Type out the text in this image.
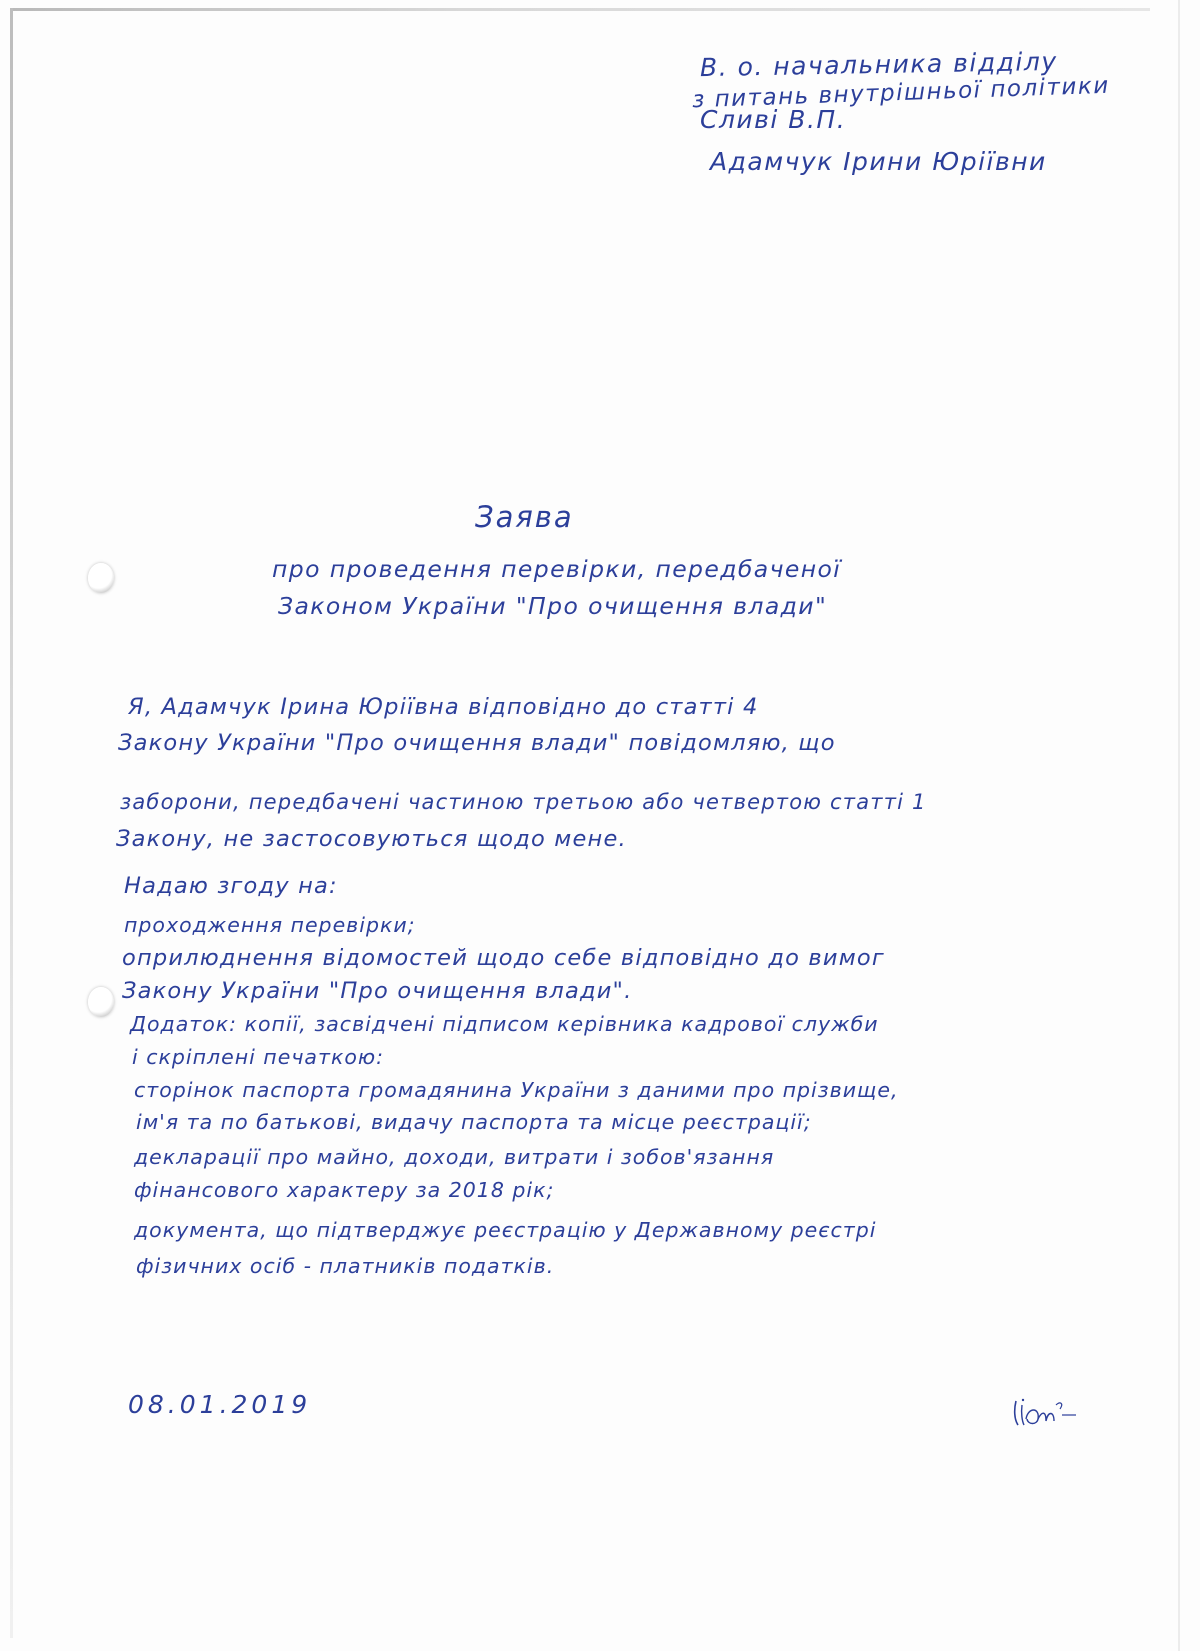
В. о. начальника відділу
з питань внутрішньої політики
Сливі В.П.
Адамчук Ірини Юріївни
Заява
про проведення перевірки, передбаченої
Законом України "Про очищення влади"
Я, Адамчук Ірина Юріївна відповідно до статті 4
Закону України "Про очищення влади" повідомляю, що
заборони, передбачені частиною третьою або четвертою статті 1
Закону, не застосовуються щодо мене.
Надаю згоду на:
проходження перевірки;
оприлюднення відомостей щодо себе відповідно до вимог
Закону України "Про очищення влади".
Додаток: копії, засвідчені підписом керівника кадрової служби
і скріплені печаткою:
сторінок паспорта громадянина України з даними про прізвище,
ім'я та по батькові, видачу паспорта та місце реєстрації;
декларації про майно, доходи, витрати і зобов'язання
фінансового характеру за 2018 рік;
документа, що підтверджує реєстрацію у Державному реєстрі
фізичних осіб - платників податків.
08.01.2019
